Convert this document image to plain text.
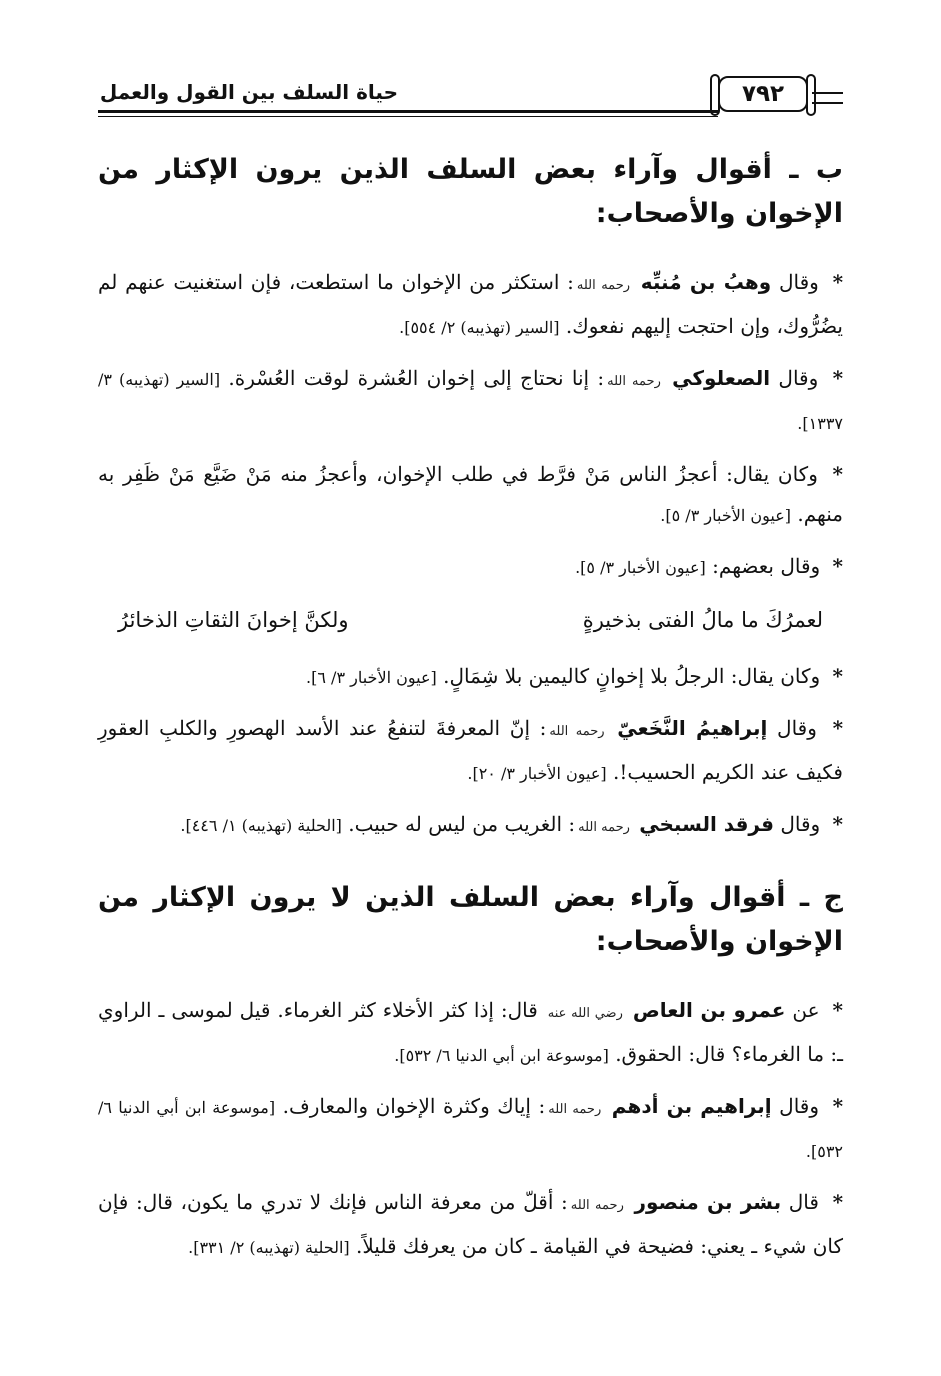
حياة السلف بين القول والعمل	٧٩٢
ب ـ أقوال وآراء بعض السلف الذين يرون الإكثار من الإخوان والأصحاب:

* وقال وهبُ بن مُنبِّه رحمه الله: استكثر من الإخوان ما استطعت، فإن استغنيت عنهم لم يضُرُّوك، وإن احتجت إليهم نفعوك. [السير (تهذيبه) ٢/ ٥٥٤].

* وقال الصعلوكي رحمه الله: إنا نحتاج إلى إخوان العُشرة لوقت العُسْرة. [السير (تهذيبه) ٣/ ١٣٣٧].

* وكان يقال: أعجزُ الناس مَنْ فرَّط في طلب الإخوان، وأعجزُ منه مَنْ ضَيَّع مَنْ ظَفِر به منهم. [عيون الأخبار ٣/ ٥].

* وقال بعضهم: [عيون الأخبار ٣/ ٥].

لعمرُكَ ما مالُ الفتى بذخيرةٍ
ولكنَّ إخوانَ الثقاتِ الذخائرُ

* وكان يقال: الرجلُ بلا إخوانٍ كاليمين بلا شِمَالٍ. [عيون الأخبار ٣/ ٦].

* وقال إبراهيمُ النَّخَعيّ رحمه الله: إنّ المعرفةَ لتنفعُ عند الأسد الهصورِ والكلبِ العقورِ فكيف عند الكريم الحسيب!. [عيون الأخبار ٣/ ٢٠].

* وقال فرقد السبخي رحمه الله: الغريب من ليس له حبيب. [الحلية (تهذيبه) ١/ ٤٤٦].

ج ـ أقوال وآراء بعض السلف الذين لا يرون الإكثار من الإخوان والأصحاب:

* عن عمرو بن العاص رضي الله عنه قال: إذا كثر الأخلاء كثر الغرماء. قيل لموسى ـ الراوي ـ: ما الغرماء؟ قال: الحقوق. [موسوعة ابن أبي الدنيا ٦/ ٥٣٢].

* وقال إبراهيم بن أدهم رحمه الله: إياك وكثرة الإخوان والمعارف. [موسوعة ابن أبي الدنيا ٦/ ٥٣٢].

* قال بشر بن منصور رحمه الله: أقلّ من معرفة الناس فإنك لا تدري ما يكون، قال: فإن كان شيء ـ يعني: فضيحة في القيامة ـ كان من يعرفك قليلاً. [الحلية (تهذيبه) ٢/ ٣٣١].
